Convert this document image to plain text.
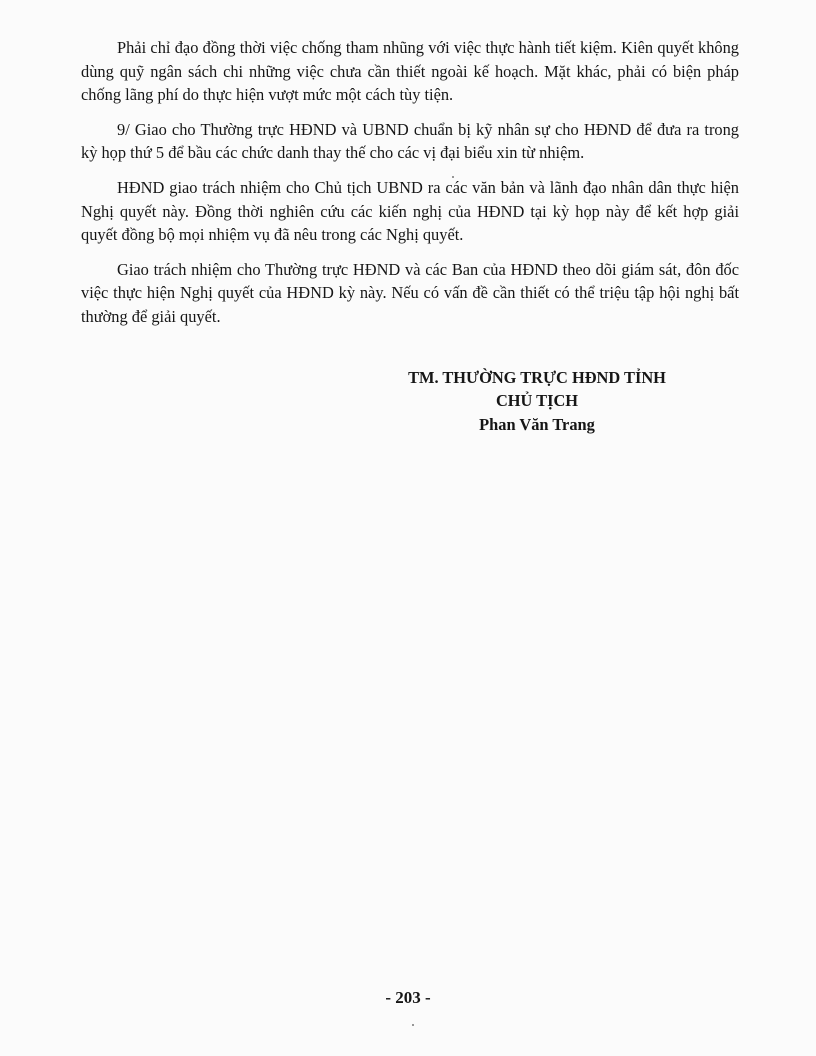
Phải chỉ đạo đồng thời việc chống tham nhũng với việc thực hành tiết kiệm. Kiên quyết không dùng quỹ ngân sách chi những việc chưa cần thiết ngoài kế hoạch. Mặt khác, phải có biện pháp chống lãng phí do thực hiện vượt mức một cách tùy tiện.

9/ Giao cho Thường trực HĐND và UBND chuẩn bị kỹ nhân sự cho HĐND để đưa ra trong kỳ họp thứ 5 để bầu các chức danh thay thế cho các vị đại biểu xin từ nhiệm.

HĐND giao trách nhiệm cho Chủ tịch UBND ra các văn bản và lãnh đạo nhân dân thực hiện Nghị quyết này. Đồng thời nghiên cứu các kiến nghị của HĐND tại kỳ họp này để kết hợp giải quyết đồng bộ mọi nhiệm vụ đã nêu trong các Nghị quyết.

Giao trách nhiệm cho Thường trực HĐND và các Ban của HĐND theo dõi giám sát, đôn đốc việc thực hiện Nghị quyết của HĐND kỳ này. Nếu có vấn đề cần thiết có thể triệu tập hội nghị bất thường để giải quyết.

TM. THƯỜNG TRỰC HĐND TỈNH
CHỦ TỊCH
Phan Văn Trang
- 203 -
